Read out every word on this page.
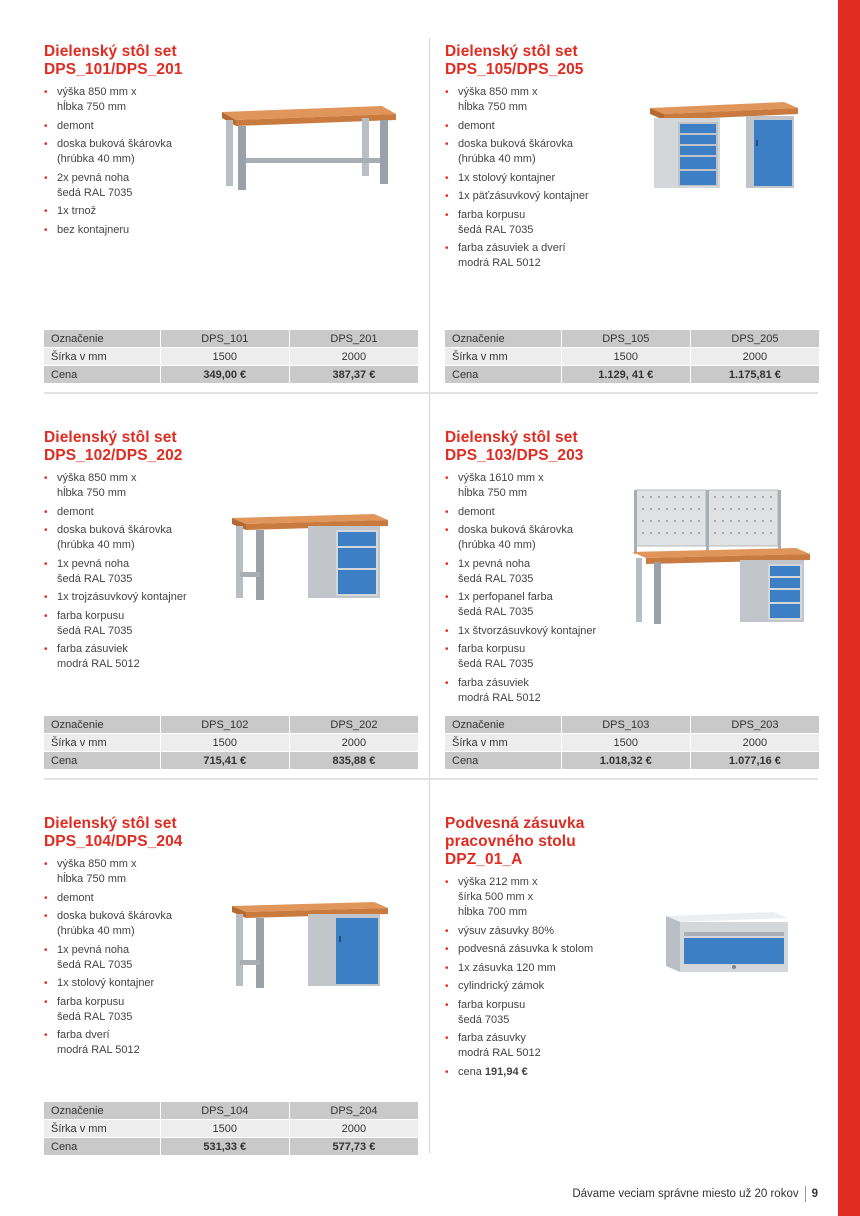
Dielenský stôl set
DPS_101/DPS_201
• výška 850 mm x
hĺbka 750 mm
• demont
• doska buková škárovka
(hrúbka 40 mm)
• 2x pevná noha
šedá RAL 7035
• 1x trnož
• bez kontajneru
Označenie	DPS_101	DPS_201
Šírka v mm	1500	2000
Cena	349,00 €	387,37 €
Dielenský stôl set
DPS_105/DPS_205
• výška 850 mm x
hĺbka 750 mm
• demont
• doska buková škárovka
(hrúbka 40 mm)
• 1x stolový kontajner
• 1x päťzásuvkový kontajner
• farba korpusu
šedá RAL 7035
• farba zásuviek a dverí
modrá RAL 5012
Označenie	DPS_105	DPS_205
Šírka v mm	1500	2000
Cena	1.129, 41 €	1.175,81 €
Dielenský stôl set
DPS_102/DPS_202
• výška 850 mm x
hĺbka 750 mm
• demont
• doska buková škárovka
(hrúbka 40 mm)
• 1x pevná noha
šedá RAL 7035
• 1x trojzásuvkový kontajner
• farba korpusu
šedá RAL 7035
• farba zásuviek
modrá RAL 5012
Označenie	DPS_102	DPS_202
Šírka v mm	1500	2000
Cena	715,41 €	835,88 €
Dielenský stôl set
DPS_103/DPS_203
• výška 1610 mm x
hĺbka 750 mm
• demont
• doska buková škárovka
(hrúbka 40 mm)
• 1x pevná noha
šedá RAL 7035
• 1x perfopanel farba
šedá RAL 7035
• 1x štvorzásuvkový kontajner
• farba korpusu
šedá RAL 7035
• farba zásuviek
modrá RAL 5012
Označenie	DPS_103	DPS_203
Šírka v mm	1500	2000
Cena	1.018,32 €	1.077,16 €
Dielenský stôl set
DPS_104/DPS_204
• výška 850 mm x
hĺbka 750 mm
• demont
• doska buková škárovka
(hrúbka 40 mm)
• 1x pevná noha
šedá RAL 7035
• 1x stolový kontajner
• farba korpusu
šedá RAL 7035
• farba dverí
modrá RAL 5012
Označenie	DPS_104	DPS_204
Šírka v mm	1500	2000
Cena	531,33 €	577,73 €
Podvesná zásuvka
pracovného stolu
DPZ_01_A
• výška 212 mm x
šírka 500 mm x
hĺbka 700 mm
• výsuv zásuvky 80%
• podvesná zásuvka k stolom
• 1x zásuvka 120 mm
• cylindrický zámok
• farba korpusu
šedá 7035
• farba zásuvky
modrá RAL 5012
• cena 191,94 €
Dávame veciam správne miesto už 20 rokov 9
